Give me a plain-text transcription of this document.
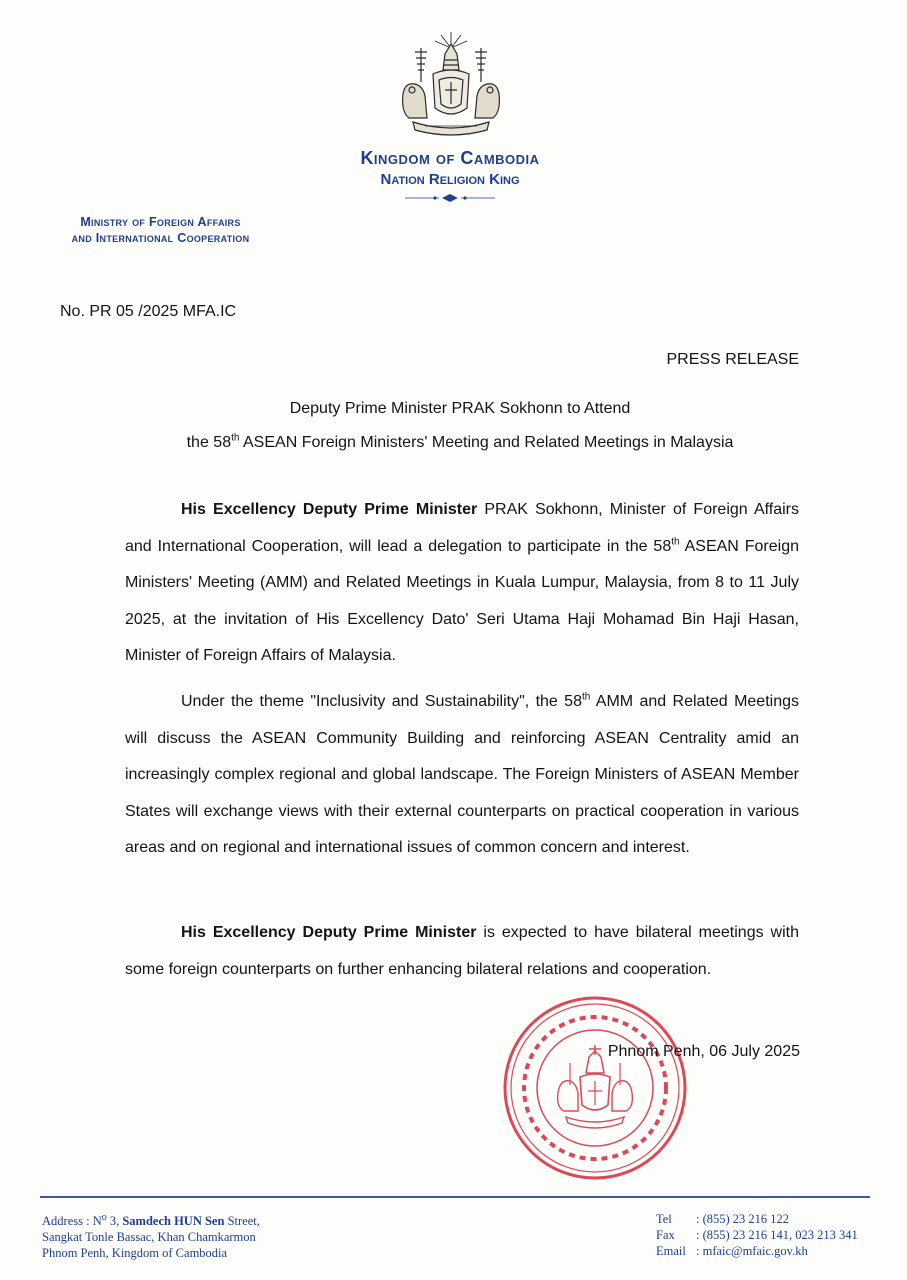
Kingdom of Cambodia
Nation Religion King
Ministry of Foreign Affairs
and International Cooperation
No. PR 05 /2025 MFA.IC
PRESS RELEASE
Deputy Prime Minister PRAK Sokhonn to Attend
the 58th ASEAN Foreign Ministers' Meeting and Related Meetings in Malaysia
His Excellency Deputy Prime Minister PRAK Sokhonn, Minister of Foreign Affairs and International Cooperation, will lead a delegation to participate in the 58th ASEAN Foreign Ministers' Meeting (AMM) and Related Meetings in Kuala Lumpur, Malaysia, from 8 to 11 July 2025, at the invitation of His Excellency Dato' Seri Utama Haji Mohamad Bin Haji Hasan, Minister of Foreign Affairs of Malaysia.
Under the theme "Inclusivity and Sustainability", the 58th AMM and Related Meetings will discuss the ASEAN Community Building and reinforcing ASEAN Centrality amid an increasingly complex regional and global landscape. The Foreign Ministers of ASEAN Member States will exchange views with their external counterparts on practical cooperation in various areas and on regional and international issues of common concern and interest.
His Excellency Deputy Prime Minister is expected to have bilateral meetings with some foreign counterparts on further enhancing bilateral relations and cooperation.
Phnom Penh, 06 July 2025
Address : $N^o$ 3, Samdech HUN Sen Street,
Sangkat Tonle Bassac, Khan Chamkarmon
Phnom Penh, Kingdom of Cambodia
Tel : (855) 23 216 122
Fax : (855) 23 216 141, 023 213 341
Email : mfaic@mfaic.gov.kh
